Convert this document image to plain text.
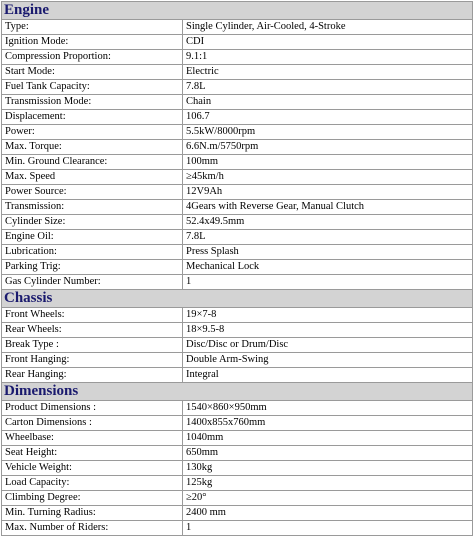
Engine	
Type:	Single Cylinder, Air-Cooled, 4-Stroke
Ignition Mode:	CDI
Compression Proportion:	9.1:1
Start Mode:	Electric
Fuel Tank Capacity:	7.8L
Transmission Mode:	Chain
Displacement:	106.7
Power:	5.5kW/8000rpm
Max. Torque:	6.6N.m/5750rpm
Min. Ground Clearance:	100mm
Max. Speed	≥45km/h
Power Source:	12V9Ah
Transmission:	4Gears with Reverse Gear, Manual Clutch
Cylinder Size:	52.4x49.5mm
Engine Oil:	7.8L
Lubrication:	Press Splash
Parking Trig:	Mechanical Lock
Gas Cylinder Number:	1
Chassis	
Front Wheels:	19×7-8
Rear Wheels:	18×9.5-8
Break Type :	Disc/Disc or Drum/Disc
Front Hanging:	Double Arm-Swing
Rear Hanging:	Integral
Dimensions	
Product Dimensions :	1540×860×950mm
Carton Dimensions :	1400x855x760mm
Wheelbase:	1040mm
Seat Height:	650mm
Vehicle Weight:	130kg
Load Capacity:	125kg
Climbing Degree:	≥20°
Min. Turning Radius:	2400 mm
Max. Number of Riders:	1
